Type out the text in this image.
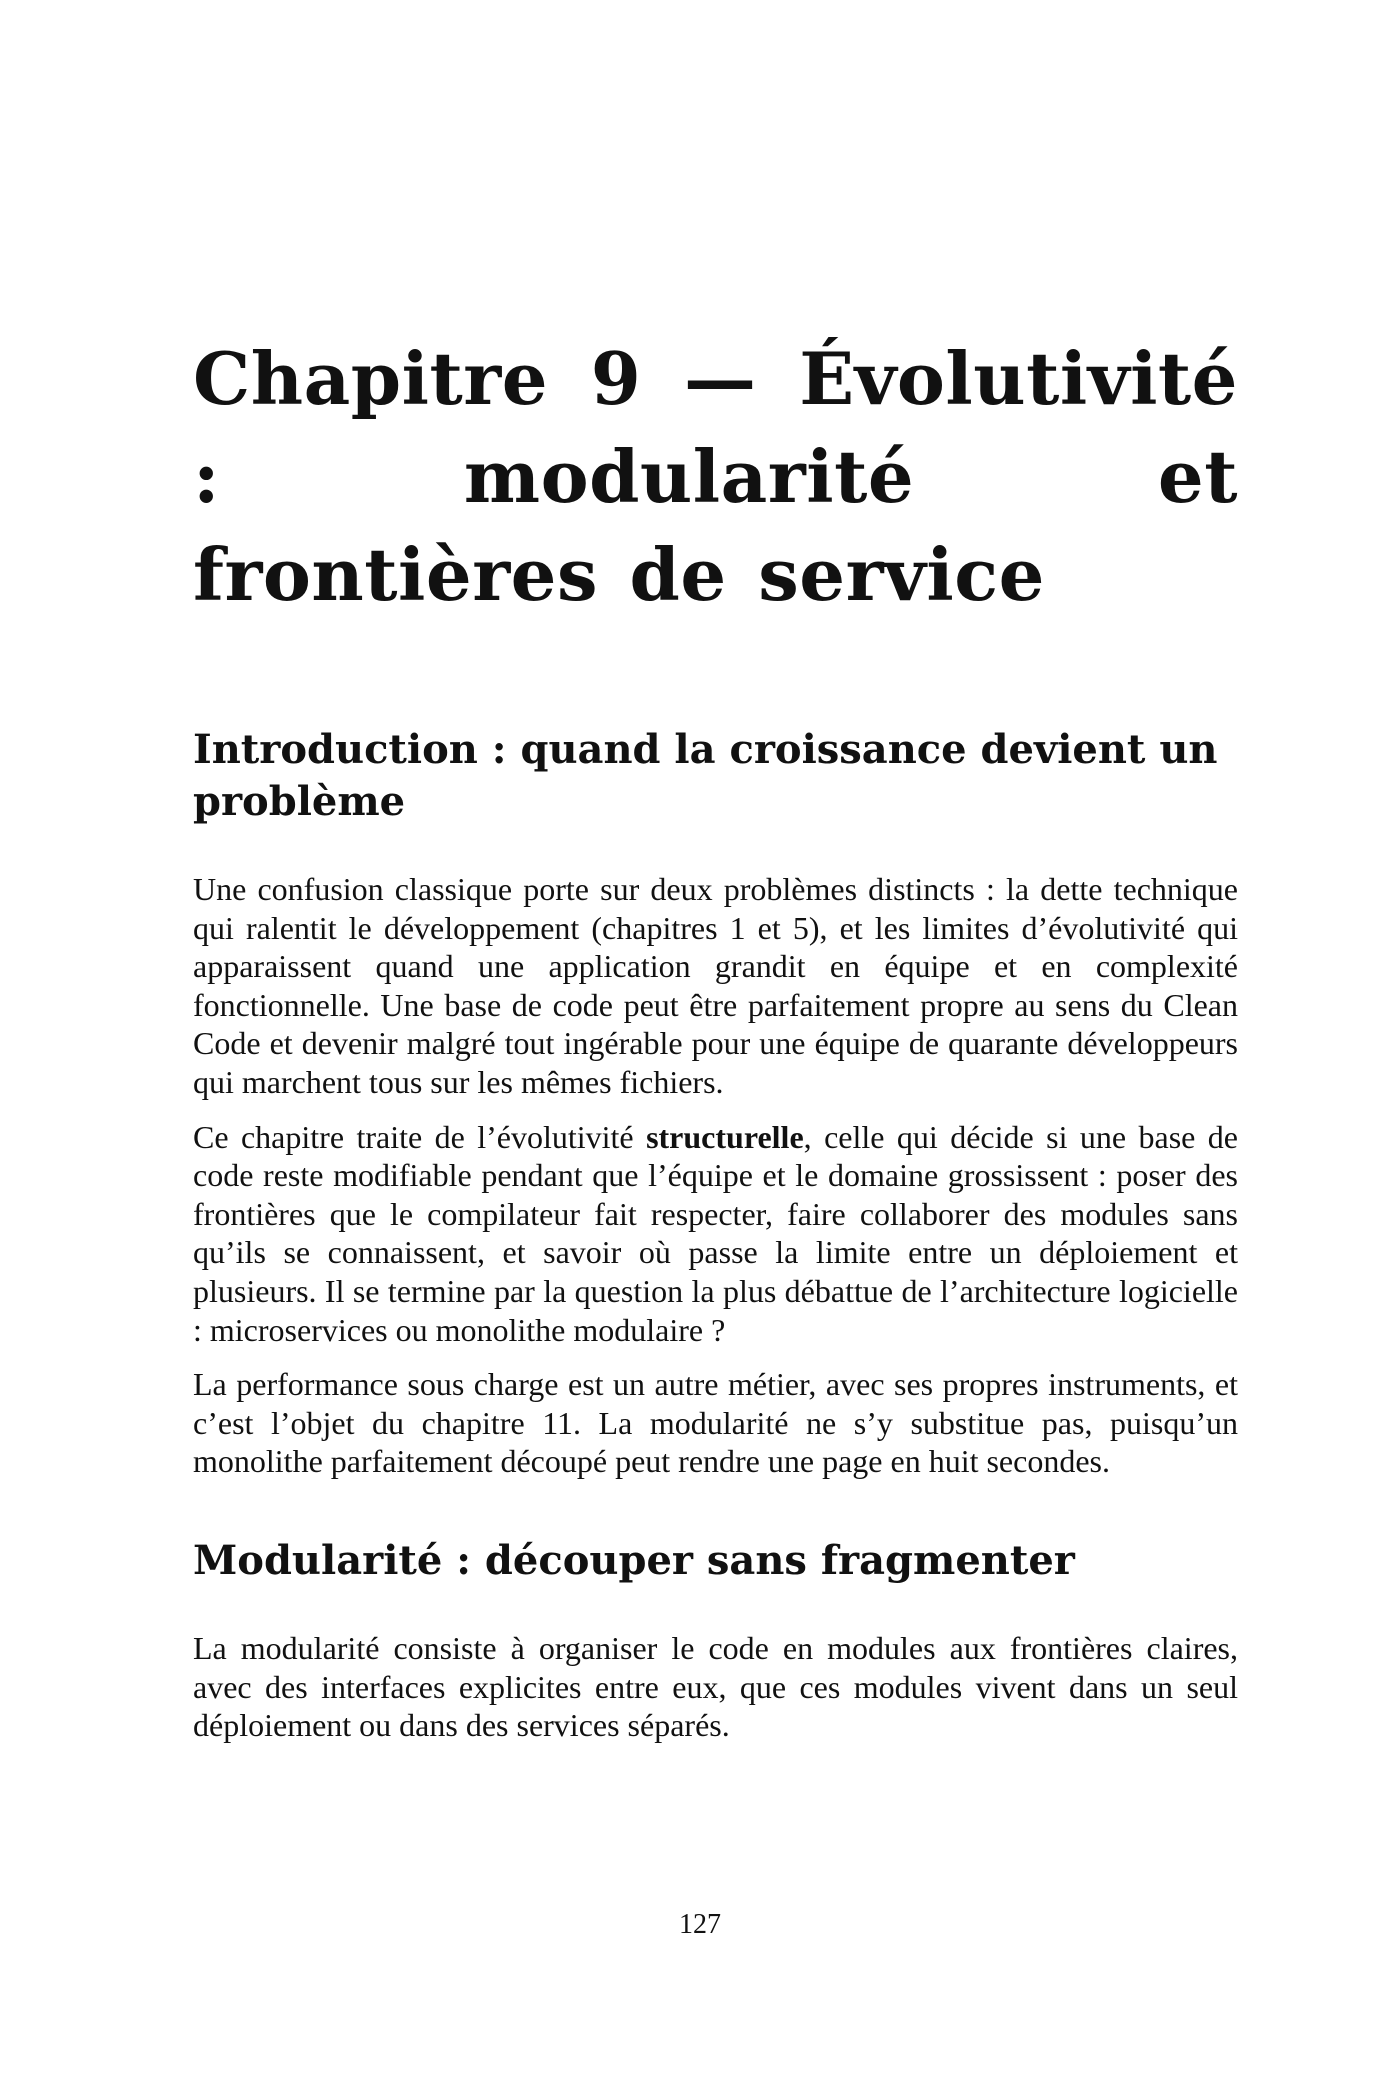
Chapitre 9 — Évolutivité : modularité et frontières de service
Introduction : quand la croissance devient un problème

Une confusion classique porte sur deux problèmes distincts : la dette technique qui ralentit le développement (chapitres 1 et 5), et les limites d’évolutivité qui apparaissent quand une application grandit en équipe et en complexité fonctionnelle. Une base de code peut être parfaitement propre au sens du Clean Code et devenir malgré tout ingérable pour une équipe de quarante développeurs qui marchent tous sur les mêmes fichiers.

Ce chapitre traite de l’évolutivité structurelle, celle qui décide si une base de code reste modifiable pendant que l’équipe et le domaine grossissent : poser des frontières que le compilateur fait respecter, faire collaborer des modules sans qu’ils se connaissent, et savoir où passe la limite entre un déploiement et plusieurs. Il se termine par la question la plus débattue de l’architecture logicielle : microservices ou monolithe modulaire ?

La performance sous charge est un autre métier, avec ses propres instruments, et c’est l’objet du chapitre 11. La modularité ne s’y substitue pas, puisqu’un monolithe parfaitement découpé peut rendre une page en huit secondes.

Modularité : découper sans fragmenter

La modularité consiste à organiser le code en modules aux frontières claires, avec des interfaces explicites entre eux, que ces modules vivent dans un seul déploiement ou dans des services séparés.

127
